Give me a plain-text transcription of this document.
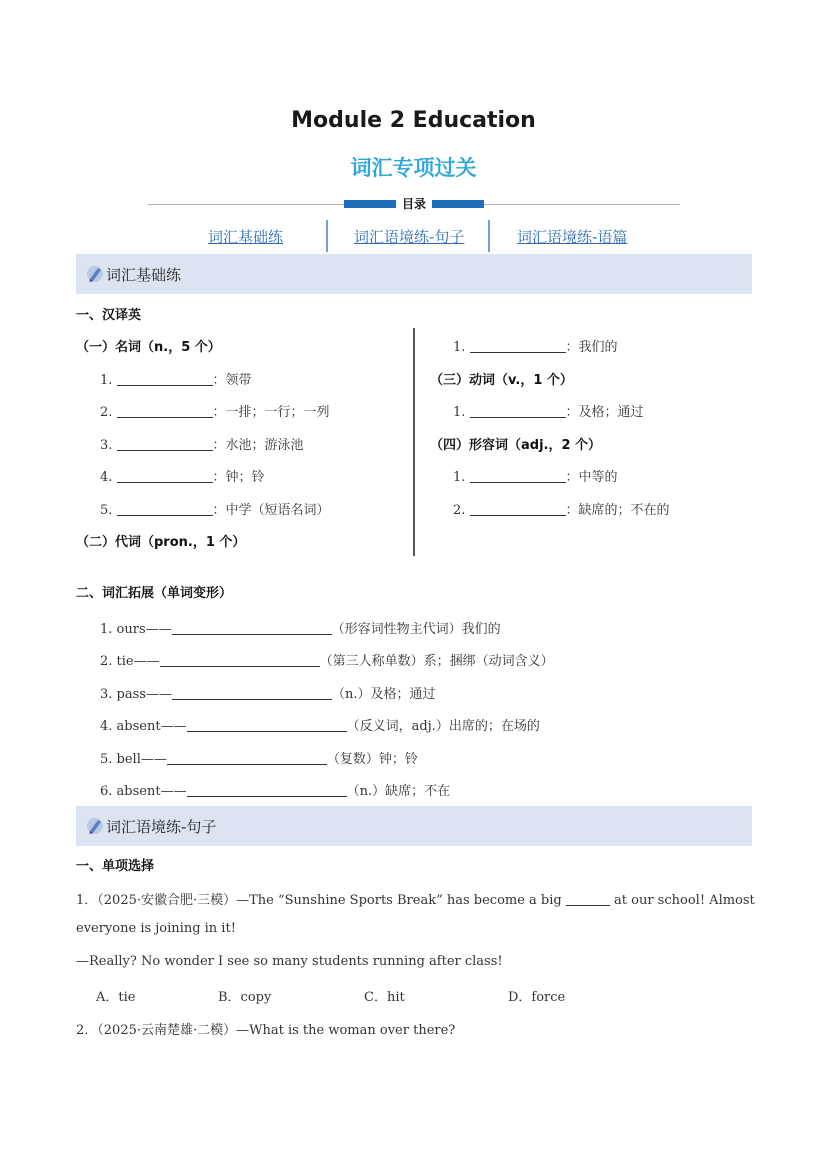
Module 2 Education
词汇专项过关
目录
词汇基础练	词汇语境练-句子	词汇语境练-语篇
词汇基础练
一、汉译英
（一）名词（n.，5 个）
1.	：领带
2.	：一排；一行；一列
3.	：水池；游泳池
4.	：钟；铃
5.	：中学（短语名词）
（二）代词（pron.，1 个）
1.	：我们的
（三）动词（v.，1 个）
1.	：及格；通过
（四）形容词（adj.，2 个）
1.	：中等的
2.	：缺席的；不在的
二、词汇拓展（单词变形）
1. ours——	（形容词性物主代词）我们的
2. tie——	（第三人称单数）系；捆绑（动词含义）
3. pass——	（n.）及格；通过
4. absent——	（反义词，adj.）出席的；在场的
5. bell——	（复数）钟；铃
6. absent——	（n.）缺席；不在
词汇语境练-句子
一、单项选择
1．（2025·安徽合肥·三模）—The “Sunshine Sports Break” has become a big	at our school! Almost
everyone is joining in it!
—Really? No wonder I see so many students running after class!
A．tie	B．copy	C．hit	D．force
2．（2025·云南楚雄·二模）—What is the woman over there?
